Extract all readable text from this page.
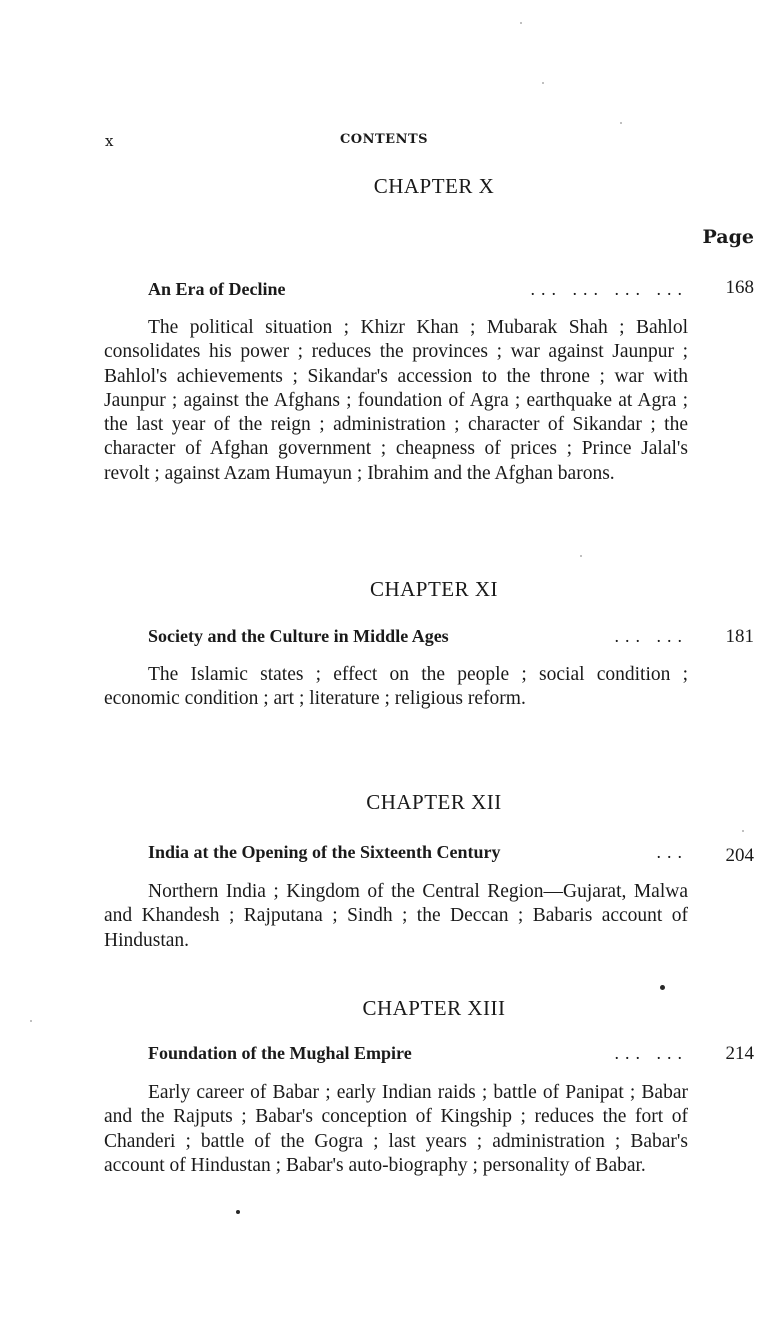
x	CONTENTS
Page
CHAPTER X
An Era of Decline	... ... ... ... 168
The political situation ; Khizr Khan ; Mubarak Shah ; Bahlol consolidates his power ; reduces the provinces ; war against Jaunpur ; Bahlol's achievements ; Sikandar's accession to the throne ; war with Jaunpur ; against the Afghans ; foundation of Agra ; earthquake at Agra ; the last year of the reign ; administration ; character of Sikandar ; the character of Afghan government ; cheapness of prices ; Prince Jalal's revolt ; against Azam Humayun ; Ibrahim and the Afghan barons.
CHAPTER XI
Society and the Culture in Middle Ages	... ... 181
The Islamic states ; effect on the people ; social condition ; economic condition ; art ; literature ; religious reform.
CHAPTER XII
India at the Opening of the Sixteenth Century	... 204
Northern India ; Kingdom of the Central Region—Gujarat, Malwa and Khandesh ; Rajputana ; Sindh ; the Deccan ; Babaris account of Hindustan.
CHAPTER XIII
Foundation of the Mughal Empire	... ... 214
Early career of Babar ; early Indian raids ; battle of Panipat ; Babar and the Rajputs ; Babar's conception of Kingship ; reduces the fort of Chanderi ; battle of the Gogra ; last years ; administration ; Babar's account of Hindustan ; Babar's auto-biography ; personality of Babar.
